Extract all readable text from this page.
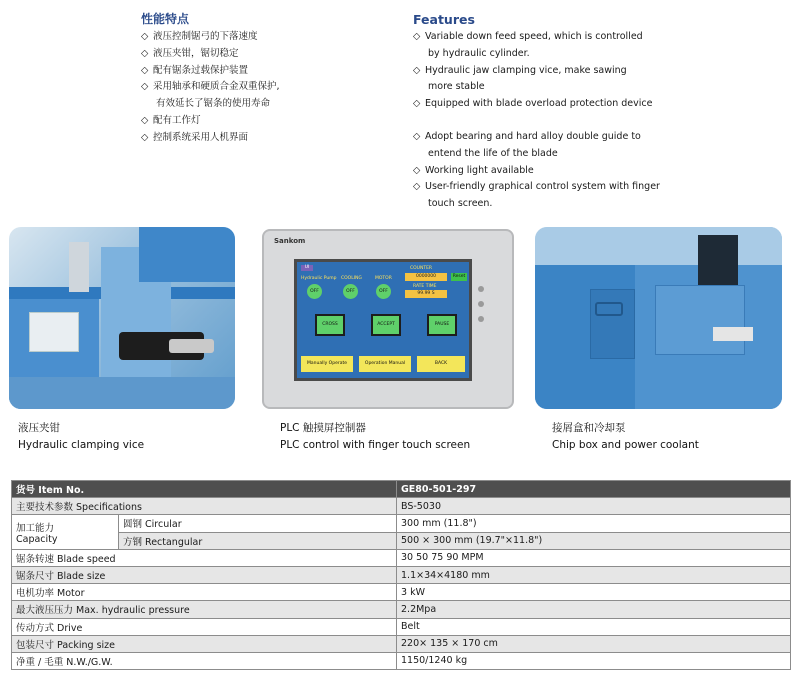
性能特点
◇ 液压控制锯弓的下落速度
◇ 液压夹钳，锯切稳定
◇ 配有锯条过载保护装置
◇ 采用轴承和硬质合金双重保护,
有效延长了锯条的使用寿命
◇ 配有工作灯
◇ 控制系统采用人机界面
Features
◇ Variable down feed speed, which is controlled
by hydraulic cylinder.
◇ Hydraulic jaw clamping vice, make sawing
more stable
◇ Equipped with blade overload protection device
◇ Adopt bearing and hard alloy double guide to
entend the life of the blade
◇ Working light available
◇ User-friendly graphical control system with finger
touch screen.
Sankom
UI	COUNTER
0000000	Reset
RATE TIME
99.99 S
Hydraulic Pump COOLING	MOTOR
OFF	OFF	OFF
CROSS	ACCEPT	PAUSE
Manually Operate	Operation Manual	BACK
液压夹钳
Hydraulic clamping vice
PLC 触摸屏控制器
PLC control with finger touch screen
接屑盒和冷却泵
Chip box and power coolant
货号 Item No.		GE80-501-297
主要技术参数 Specifications		BS-5030

加工能力
Capacity	圆钢 Circular	300 mm (11.8")
	方钢 Rectangular	500 × 300 mm (19.7"×11.8")
锯条转速 Blade speed		30 50 75 90 MPM
锯条尺寸 Blade size		1.1×34×4180 mm
电机功率 Motor		3 kW
最大液压压力 Max. hydraulic pressure		2.2Mpa
传动方式 Drive		Belt
包装尺寸 Packing size		220× 135 × 170 cm
净重 / 毛重 N.W./G.W.		1150/1240 kg
